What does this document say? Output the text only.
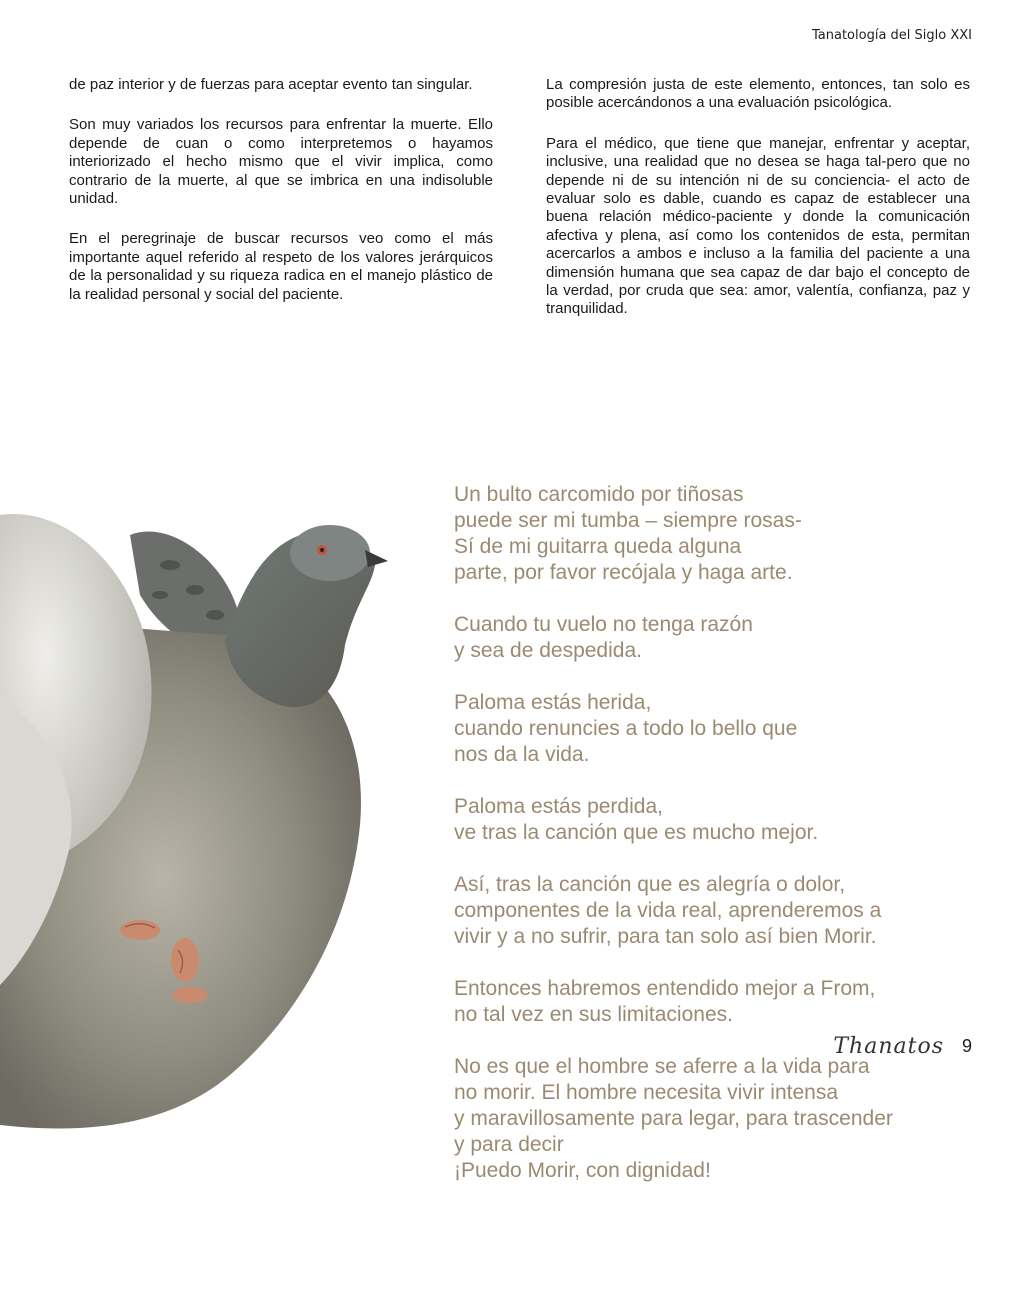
Tanatología del Siglo XXI

de paz interior y de fuerzas para aceptar evento tan singular.

Son muy variados los recursos para enfrentar la muerte. Ello depende de cuan o como interpretemos o hayamos interiorizado el hecho mismo que el vivir implica, como contrario de la muerte, al que se imbrica en una indisoluble unidad.

En el peregrinaje de buscar recursos veo como el más importante aquel referido al respeto de los valores jerárquicos de la personalidad y su riqueza radica en el manejo plástico de la realidad personal y social del paciente.

La compresión justa de este elemento, entonces, tan solo es posible acercándonos a una evaluación psicológica.

Para el médico, que tiene que manejar, enfrentar y aceptar, inclusive, una realidad que no desea se haga tal-pero que no depende ni de su intención ni de su conciencia- el acto de evaluar solo es dable, cuando es capaz de establecer una buena relación médico-paciente y donde la comunicación afectiva y plena, así como los contenidos de esta, permitan acercarlos a ambos e incluso a la familia del paciente a una dimensión humana que sea capaz de dar bajo el concepto de la verdad, por cruda que sea: amor, valentía, confianza, paz y tranquilidad.

Un bulto carcomido por tiñosas
puede ser mi tumba – siempre rosas-
Sí de mi guitarra queda alguna
parte, por favor recójala y haga arte.
Cuando tu vuelo no tenga razón
y sea de despedida.
Paloma estás herida,
cuando renuncies a todo lo bello que
nos da la vida.
Paloma estás perdida,
ve tras la canción que es mucho mejor.
Así, tras la canción que es alegría o dolor,
componentes de la vida real, aprenderemos a
vivir y a no sufrir, para tan solo así bien Morir.
Entonces habremos entendido mejor a From,
no tal vez en sus limitaciones.
No es que el hombre se aferre a la vida para
no morir. El hombre necesita vivir intensa
y maravillosamente para legar, para trascender
y para decir
¡Puedo Morir, con dignidad!
Thanatos 9
